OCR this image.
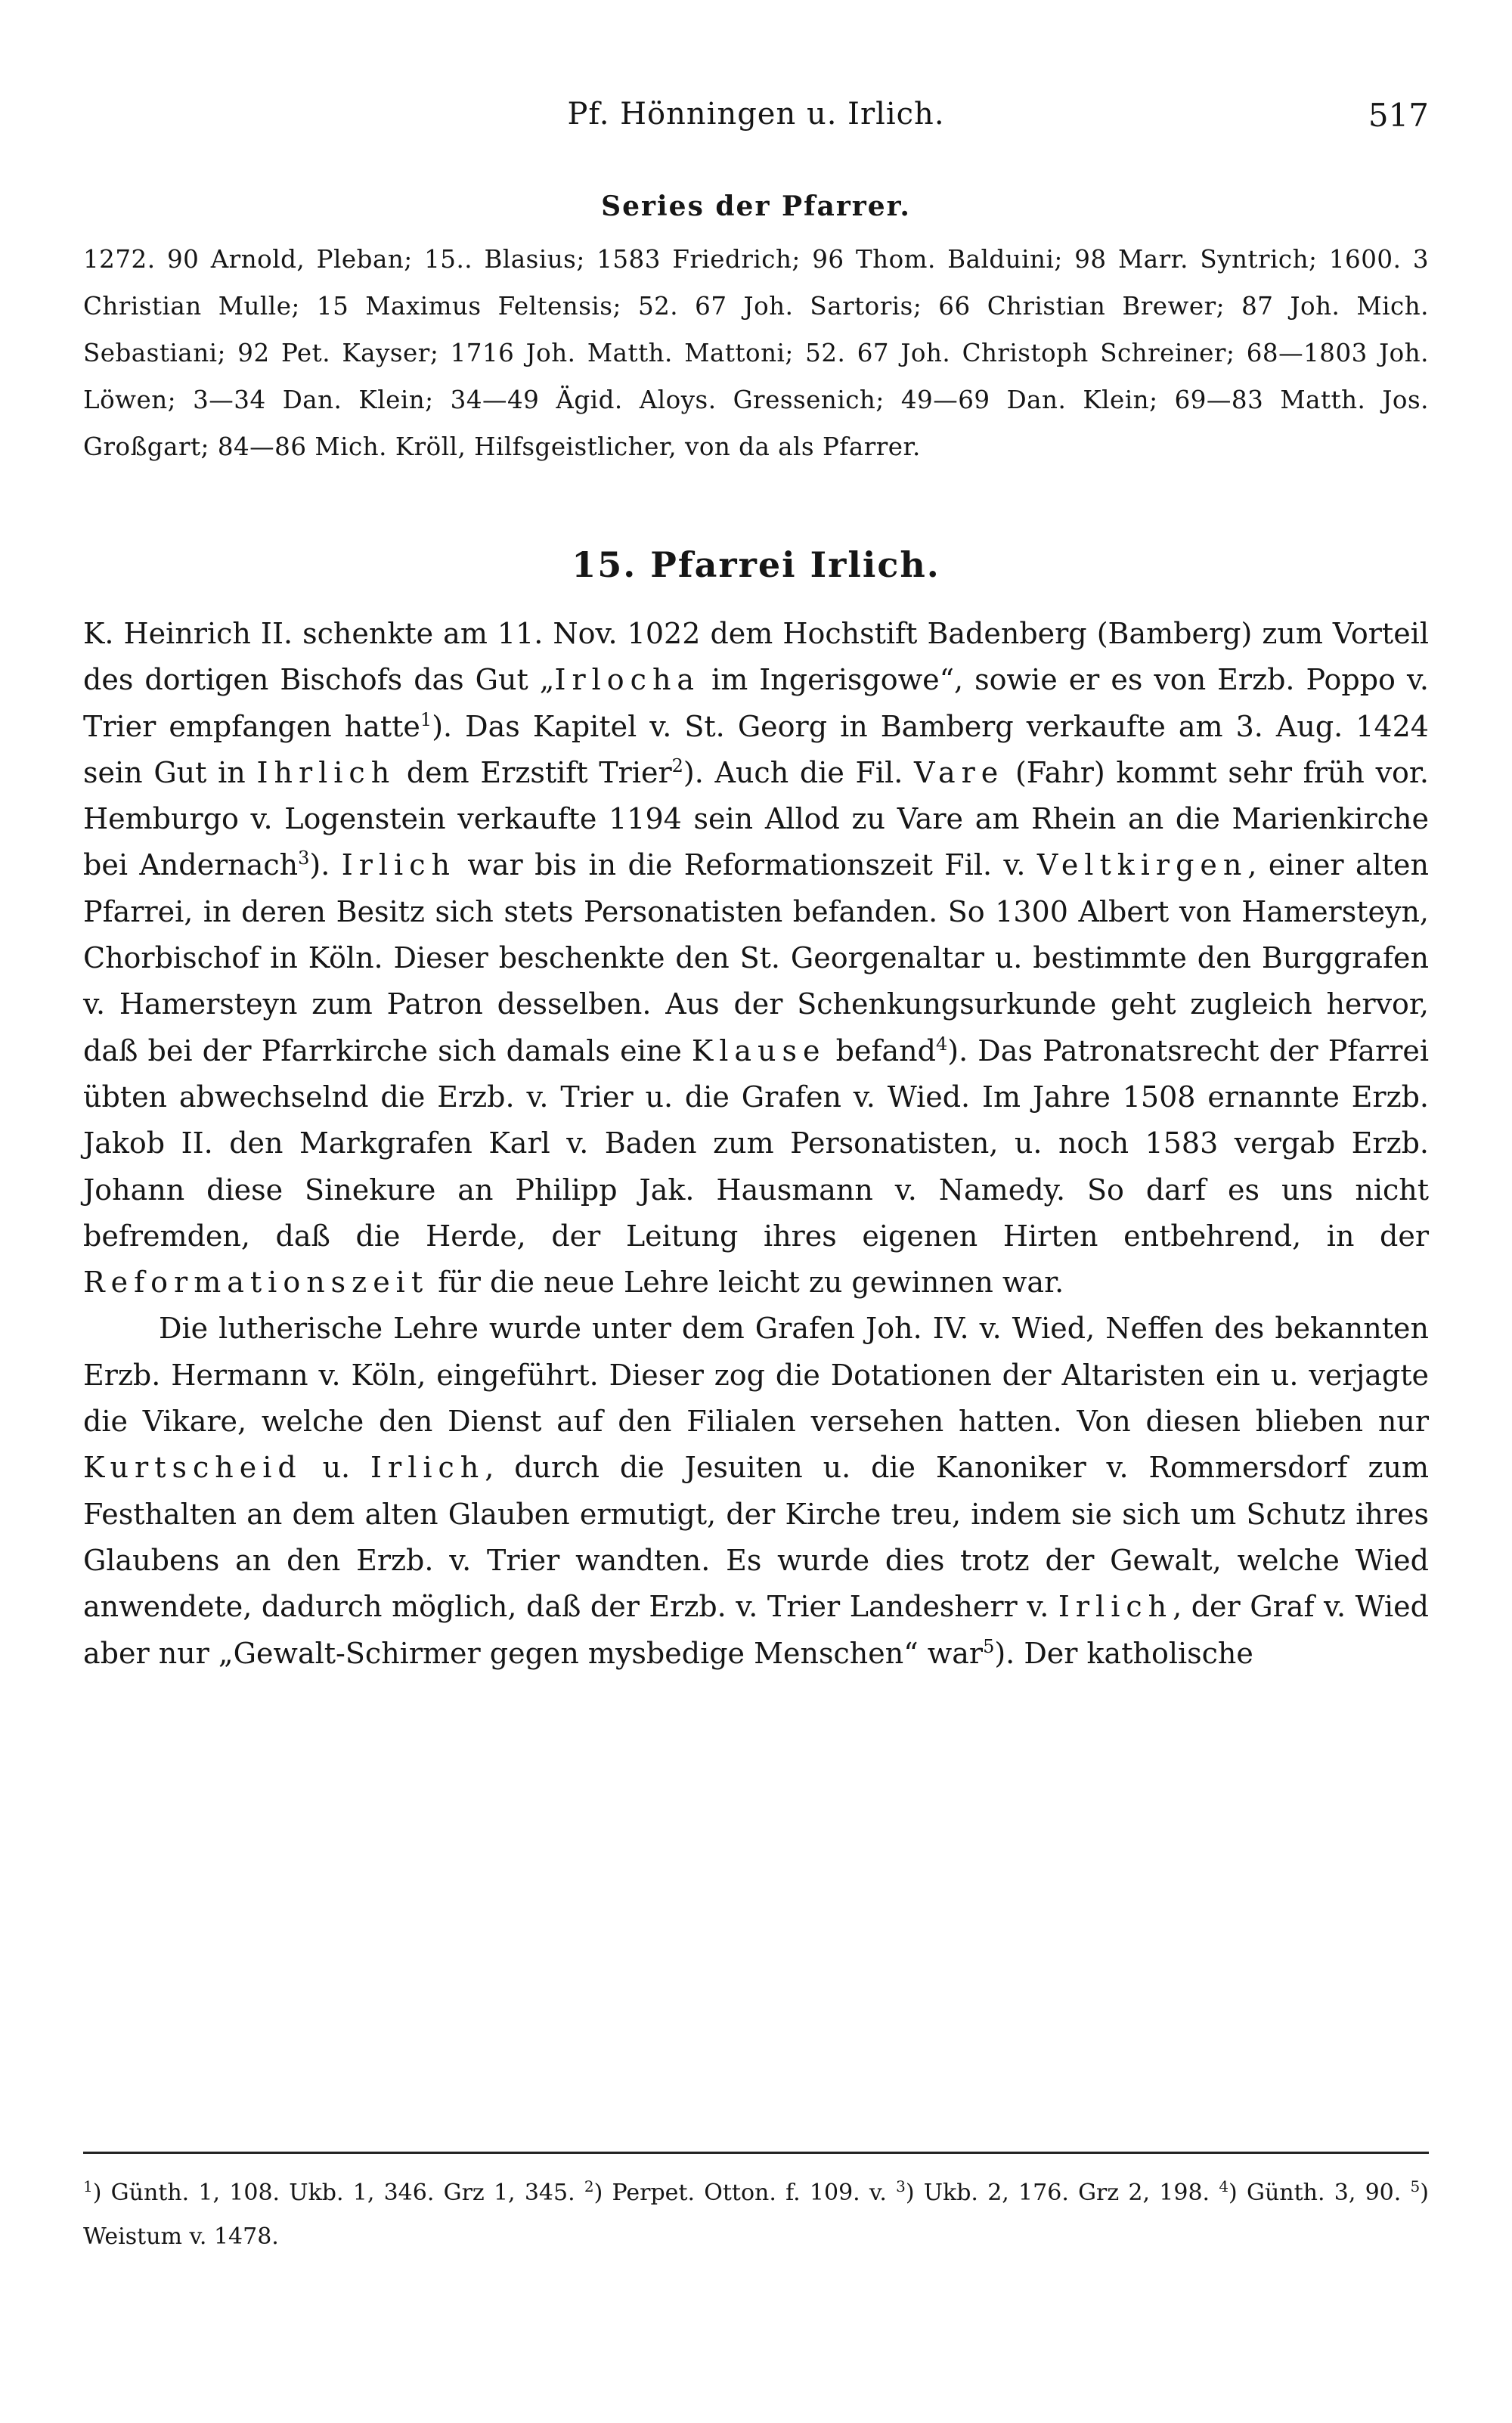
Pf. Hönningen u. Irlich.	517
Series der Pfarrer.
1272. 90 Arnold, Pleban; 15.. Blasius; 1583 Friedrich; 96 Thom. Balduini; 98 Marr. Syntrich; 1600. 3 Christian Mulle; 15 Maximus Feltensis; 52. 67 Joh. Sartoris; 66 Christian Brewer; 87 Joh. Mich. Sebastiani; 92 Pet. Kayser; 1716 Joh. Matth. Mattoni; 52. 67 Joh. Christoph Schreiner; 68—1803 Joh. Löwen; 3—34 Dan. Klein; 34—49 Ägid. Aloys. Gressenich; 49—69 Dan. Klein; 69—83 Matth. Jos. Großgart; 84—86 Mich. Kröll, Hilfsgeistlicher, von da als Pfarrer.
15. Pfarrei Irlich.

K. Heinrich II. schenkte am 11. Nov. 1022 dem Hochstift Badenberg (Bamberg) zum Vorteil des dortigen Bischofs das Gut „Irlocha im Ingerisgowe“, sowie er es von Erzb. Poppo v. Trier empfangen hatte$^1$). Das Kapitel v. St. Georg in Bamberg verkaufte am 3. Aug. 1424 sein Gut in Ihrlich dem Erzstift Trier$^2$). Auch die Fil. Vare (Fahr) kommt sehr früh vor. Hemburgo v. Logenstein verkaufte 1194 sein Allod zu Vare am Rhein an die Marienkirche bei Andernach$^3$). Irlich war bis in die Reformationszeit Fil. v. Veltkirgen, einer alten Pfarrei, in deren Besitz sich stets Personatisten befanden. So 1300 Albert von Hamersteyn, Chorbischof in Köln. Dieser beschenkte den St. Georgenaltar u. bestimmte den Burggrafen v. Hamersteyn zum Patron desselben. Aus der Schenkungsurkunde geht zugleich hervor, daß bei der Pfarrkirche sich damals eine Klause befand$^4$). Das Patronatsrecht der Pfarrei übten abwechselnd die Erzb. v. Trier u. die Grafen v. Wied. Im Jahre 1508 ernannte Erzb. Jakob II. den Markgrafen Karl v. Baden zum Personatisten, u. noch 1583 vergab Erzb. Johann diese Sinekure an Philipp Jak. Hausmann v. Namedy. So darf es uns nicht befremden, daß die Herde, der Leitung ihres eigenen Hirten entbehrend, in der Reformationszeit für die neue Lehre leicht zu gewinnen war.

Die lutherische Lehre wurde unter dem Grafen Joh. IV. v. Wied, Neffen des bekannten Erzb. Hermann v. Köln, eingeführt. Dieser zog die Dotationen der Altaristen ein u. verjagte die Vikare, welche den Dienst auf den Filialen versehen hatten. Von diesen blieben nur Kurtscheid u. Irlich, durch die Jesuiten u. die Kanoniker v. Rommersdorf zum Festhalten an dem alten Glauben ermutigt, der Kirche treu, indem sie sich um Schutz ihres Glaubens an den Erzb. v. Trier wandten. Es wurde dies trotz der Gewalt, welche Wied anwendete, dadurch möglich, daß der Erzb. v. Trier Landesherr v. Irlich, der Graf v. Wied aber nur „Gewalt-Schirmer gegen mysbedige Menschen“ war$^5$). Der katholische

$^1$) Günth. 1, 108. Ukb. 1, 346. Grz 1, 345. $^2$) Perpet. Otton. f. 109. v. $^3$) Ukb. 2, 176. Grz 2, 198. $^4$) Günth. 3, 90. $^5$) Weistum v. 1478.
